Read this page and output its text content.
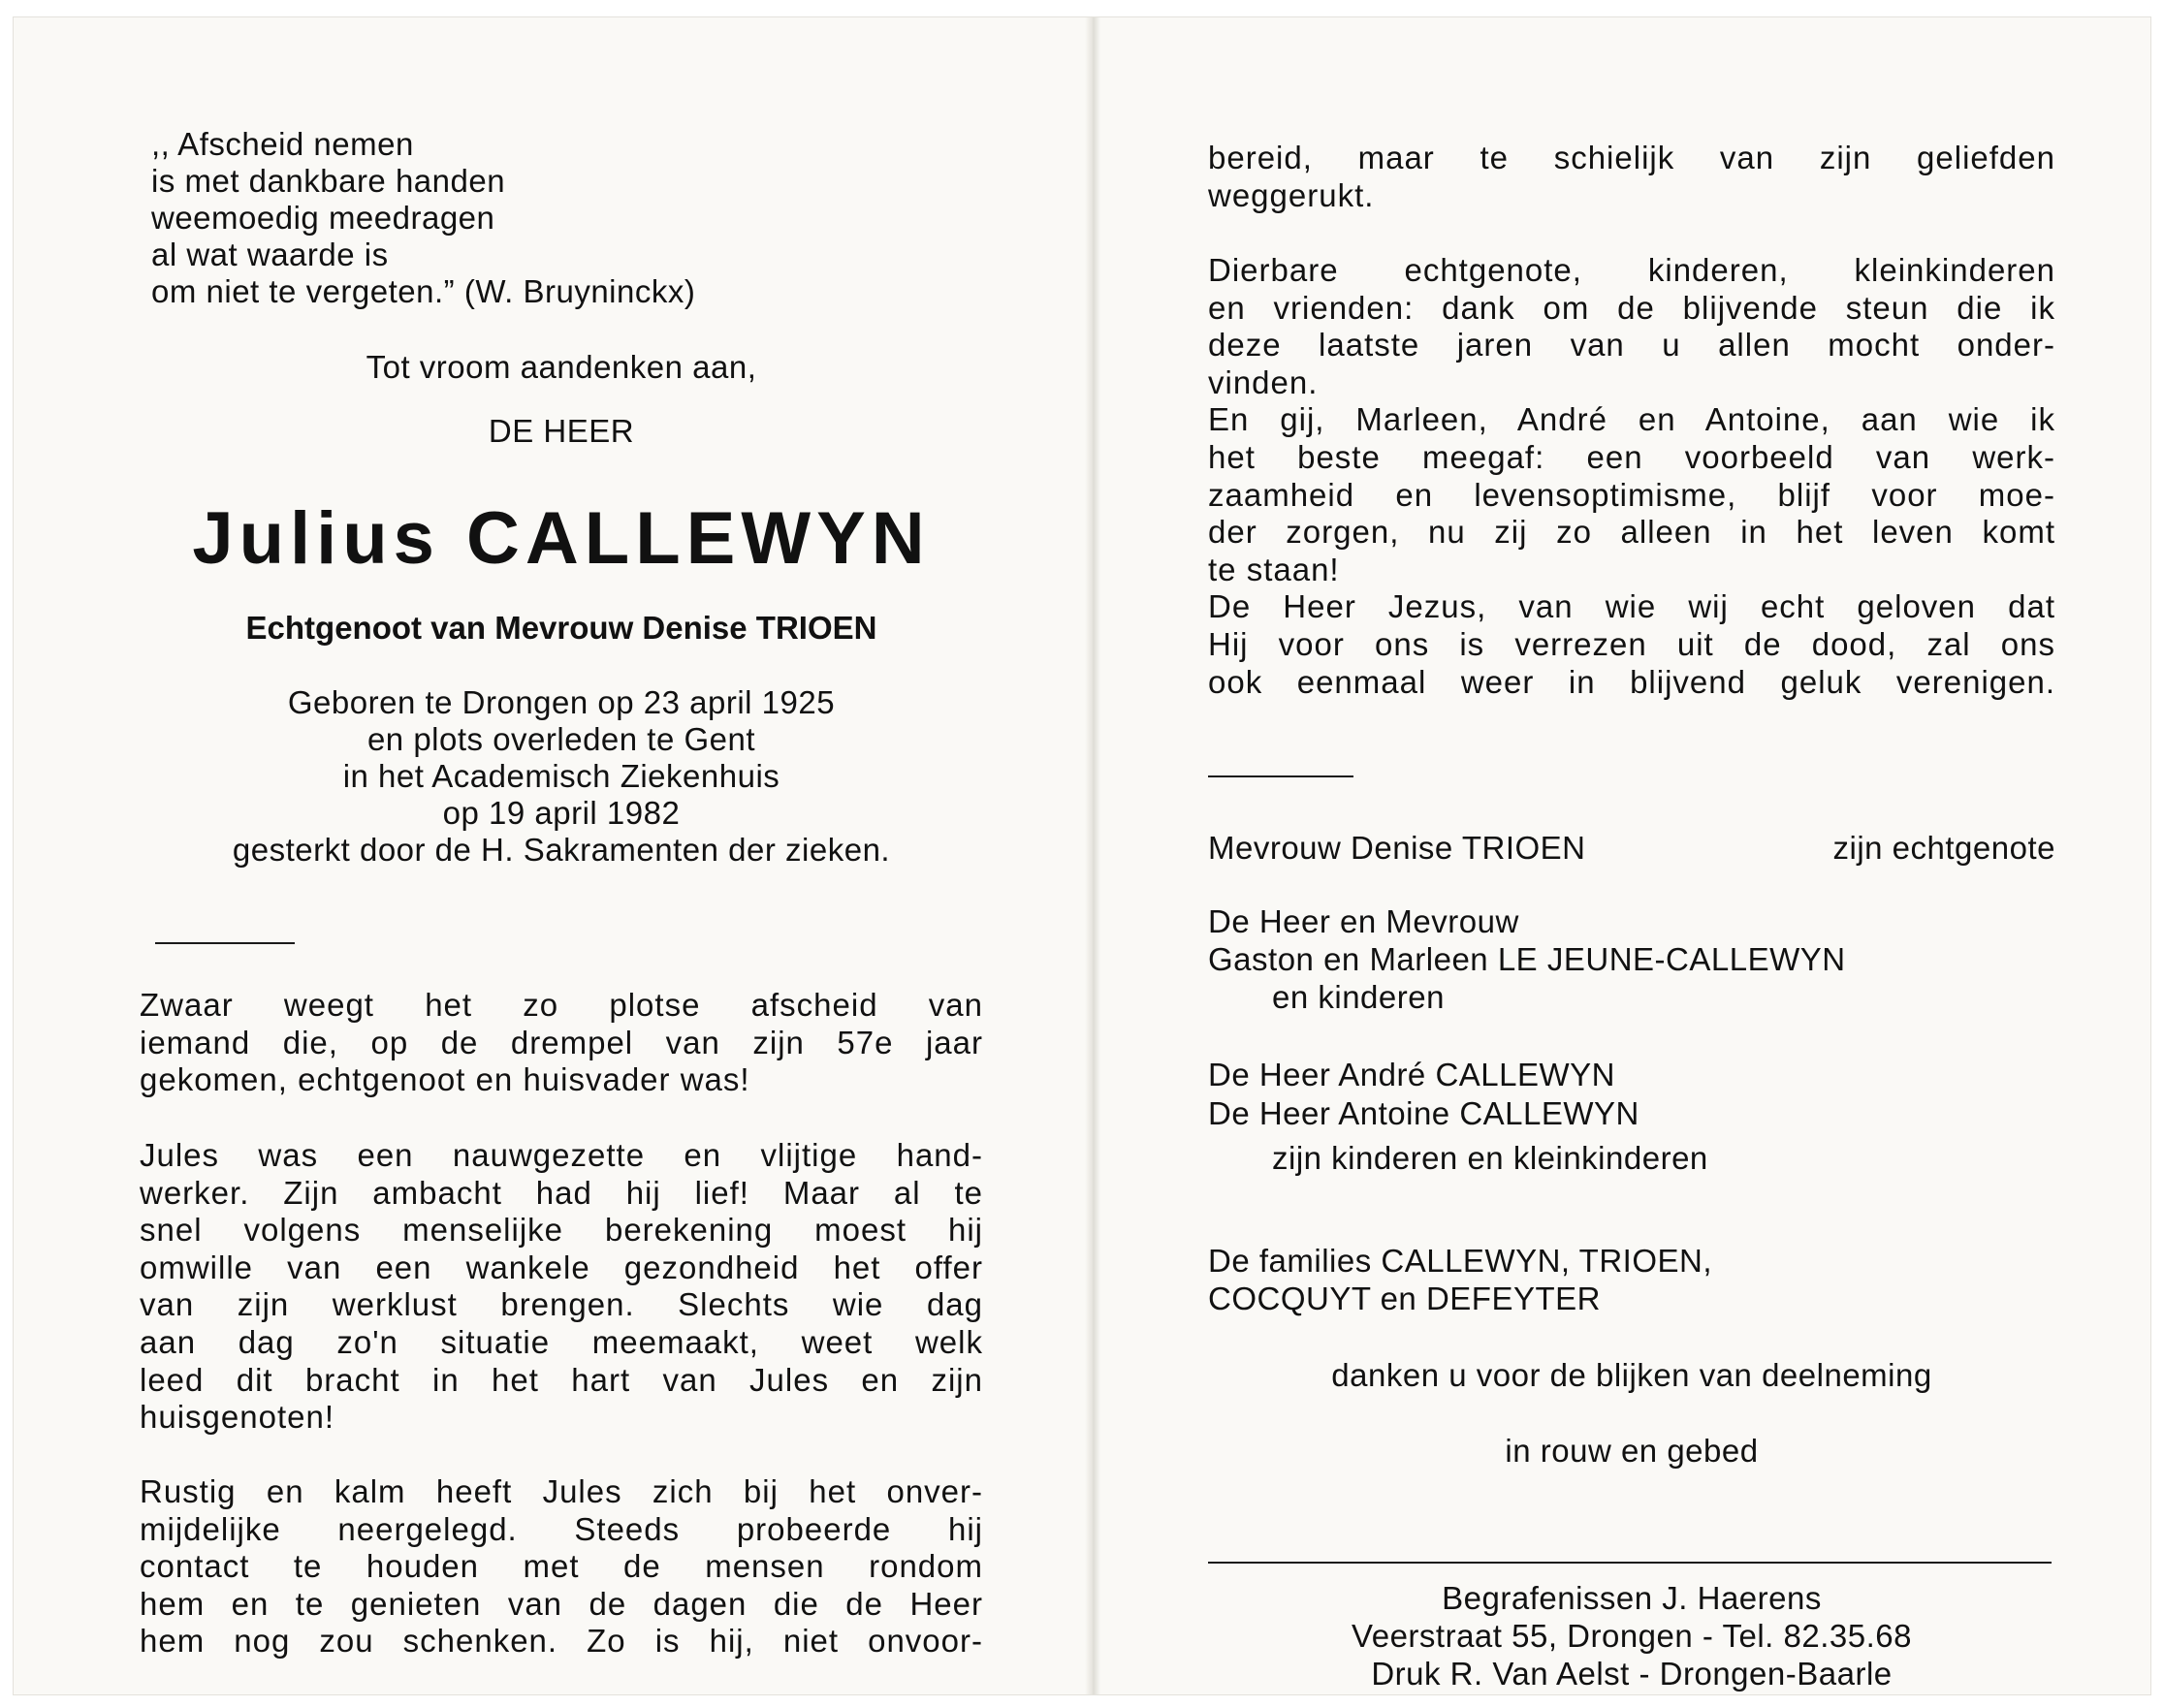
,, Afscheid nemen
is met dankbare handen
weemoedig meedragen
al wat waarde is
om niet te vergeten.” (W. Bruyninckx)
Tot vroom aandenken aan,
DE HEER
Julius CALLEWYN
Echtgenoot van Mevrouw Denise TRIOEN
Geboren te Drongen op 23 april 1925
en plots overleden te Gent
in het Academisch Ziekenhuis
op 19 april 1982
gesterkt door de H. Sakramenten der zieken.
Zwaar weegt het zo plotse afscheid van
iemand die, op de drempel van zijn 57e jaar
gekomen, echtgenoot en huisvader was!
Jules was een nauwgezette en vlijtige hand-
werker. Zijn ambacht had hij lief! Maar al te
snel volgens menselijke berekening moest hij
omwille van een wankele gezondheid het offer
van zijn werklust brengen. Slechts wie dag
aan dag zo'n situatie meemaakt, weet welk
leed dit bracht in het hart van Jules en zijn
huisgenoten!
Rustig en kalm heeft Jules zich bij het onver-
mijdelijke neergelegd. Steeds probeerde hij
contact te houden met de mensen rondom
hem en te genieten van de dagen die de Heer
hem nog zou schenken. Zo is hij, niet onvoor-
bereid, maar te schielijk van zijn geliefden
weggerukt.
Dierbare echtgenote, kinderen, kleinkinderen
en vrienden: dank om de blijvende steun die ik
deze laatste jaren van u allen mocht onder-
vinden.
En gij, Marleen, André en Antoine, aan wie ik
het beste meegaf: een voorbeeld van werk-
zaamheid en levensoptimisme, blijf voor moe-
der zorgen, nu zij zo alleen in het leven komt
te staan!
De Heer Jezus, van wie wij echt geloven dat
Hij voor ons is verrezen uit de dood, zal ons
ook eenmaal weer in blijvend geluk verenigen.
Mevrouw Denise TRIOEN	zijn echtgenote
De Heer en Mevrouw
Gaston en Marleen LE JEUNE-CALLEWYN
en kinderen
De Heer André CALLEWYN
De Heer Antoine CALLEWYN
zijn kinderen en kleinkinderen
De families CALLEWYN, TRIOEN,
COCQUYT en DEFEYTER
danken u voor de blijken van deelneming
in rouw en gebed
Begrafenissen J. Haerens
Veerstraat 55, Drongen - Tel. 82.35.68
Druk R. Van Aelst - Drongen-Baarle
